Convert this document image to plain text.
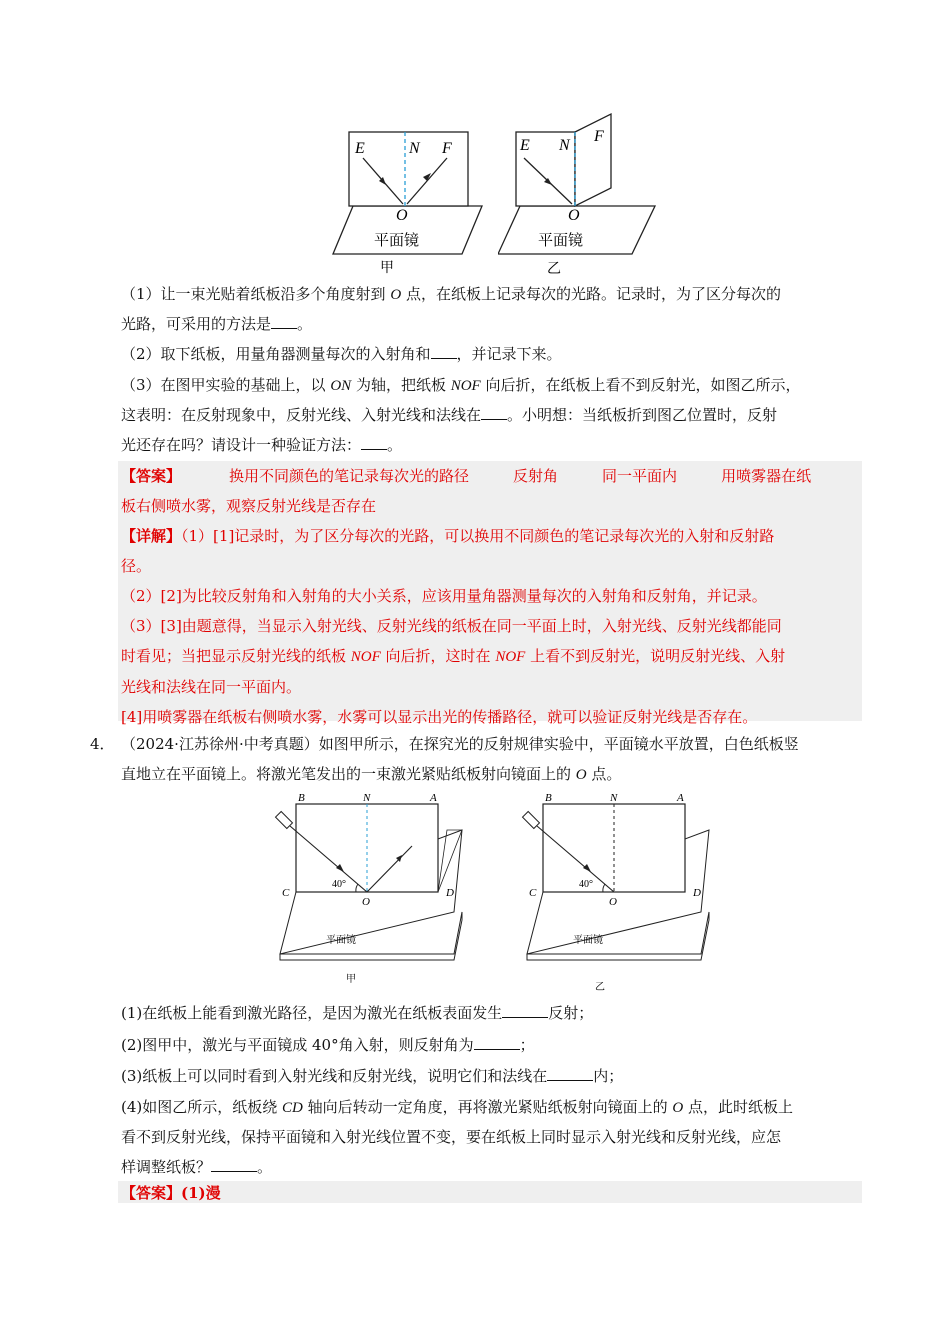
E	N F
O
平面镜
甲
E N
F
O
平面镜
乙

（1）让一束光贴着纸板沿多个角度射到 O 点，在纸板上记录每次的光路。记录时，为了区分每次的

光路，可采用的方法是 。

（2）取下纸板，用量角器测量每次的入射角和 ，并记录下来。

（3）在图甲实验的基础上，以 ON 为轴，把纸板 NOF 向后折，在纸板上看不到反射光，如图乙所示，

这表明：在反射现象中，反射光线、入射光线和法线在 。小明想：当纸板折到图乙位置时，反射

光还存在吗？请设计一种验证方法： 。

【答案】	换用不同颜色的笔记录每次光的路径	反射角	同一平面内	用喷雾器在纸
板右侧喷水雾，观察反射光线是否存在
【详解】（1）[1]记录时，为了区分每次的光路，可以换用不同颜色的笔记录每次光的入射和反射路
径。
（2）[2]为比较反射角和入射角的大小关系，应该用量角器测量每次的入射角和反射角，并记录。
（3）[3]由题意得，当显示入射光线、反射光线的纸板在同一平面上时，入射光线、反射光线都能同
时看见；当把显示反射光线的纸板 NOF 向后折，这时在 NOF 上看不到反射光，说明反射光线、入射
光线和法线在同一平面内。
[4]用喷雾器在纸板右侧喷水雾，水雾可以显示出光的传播路径，就可以验证反射光线是否存在。

4． （2024·江苏徐州·中考真题）如图甲所示，在探究光的反射规律实验中，平面镜水平放置，白色纸板竖

直地立在平面镜上。将激光笔发出的一束激光紧贴纸板射向镜面上的 O 点。

B	N	A
C	D
O
40°
平面镜
甲
B	N	A
C	D
O
40°
平面镜
乙

(1)在纸板上能看到激光路径，是因为激光在纸板表面发生	反射；

(2)图甲中，激光与平面镜成 40°角入射，则反射角为	；

(3)纸板上可以同时看到入射光线和反射光线，说明它们和法线在	内；

(4)如图乙所示，纸板绕 CD 轴向后转动一定角度，再将激光紧贴纸板射向镜面上的 O 点，此时纸板上

看不到反射光线，保持平面镜和入射光线位置不变，要在纸板上同时显示入射光线和反射光线，应怎

样调整纸板？	。

【答案】(1)漫
